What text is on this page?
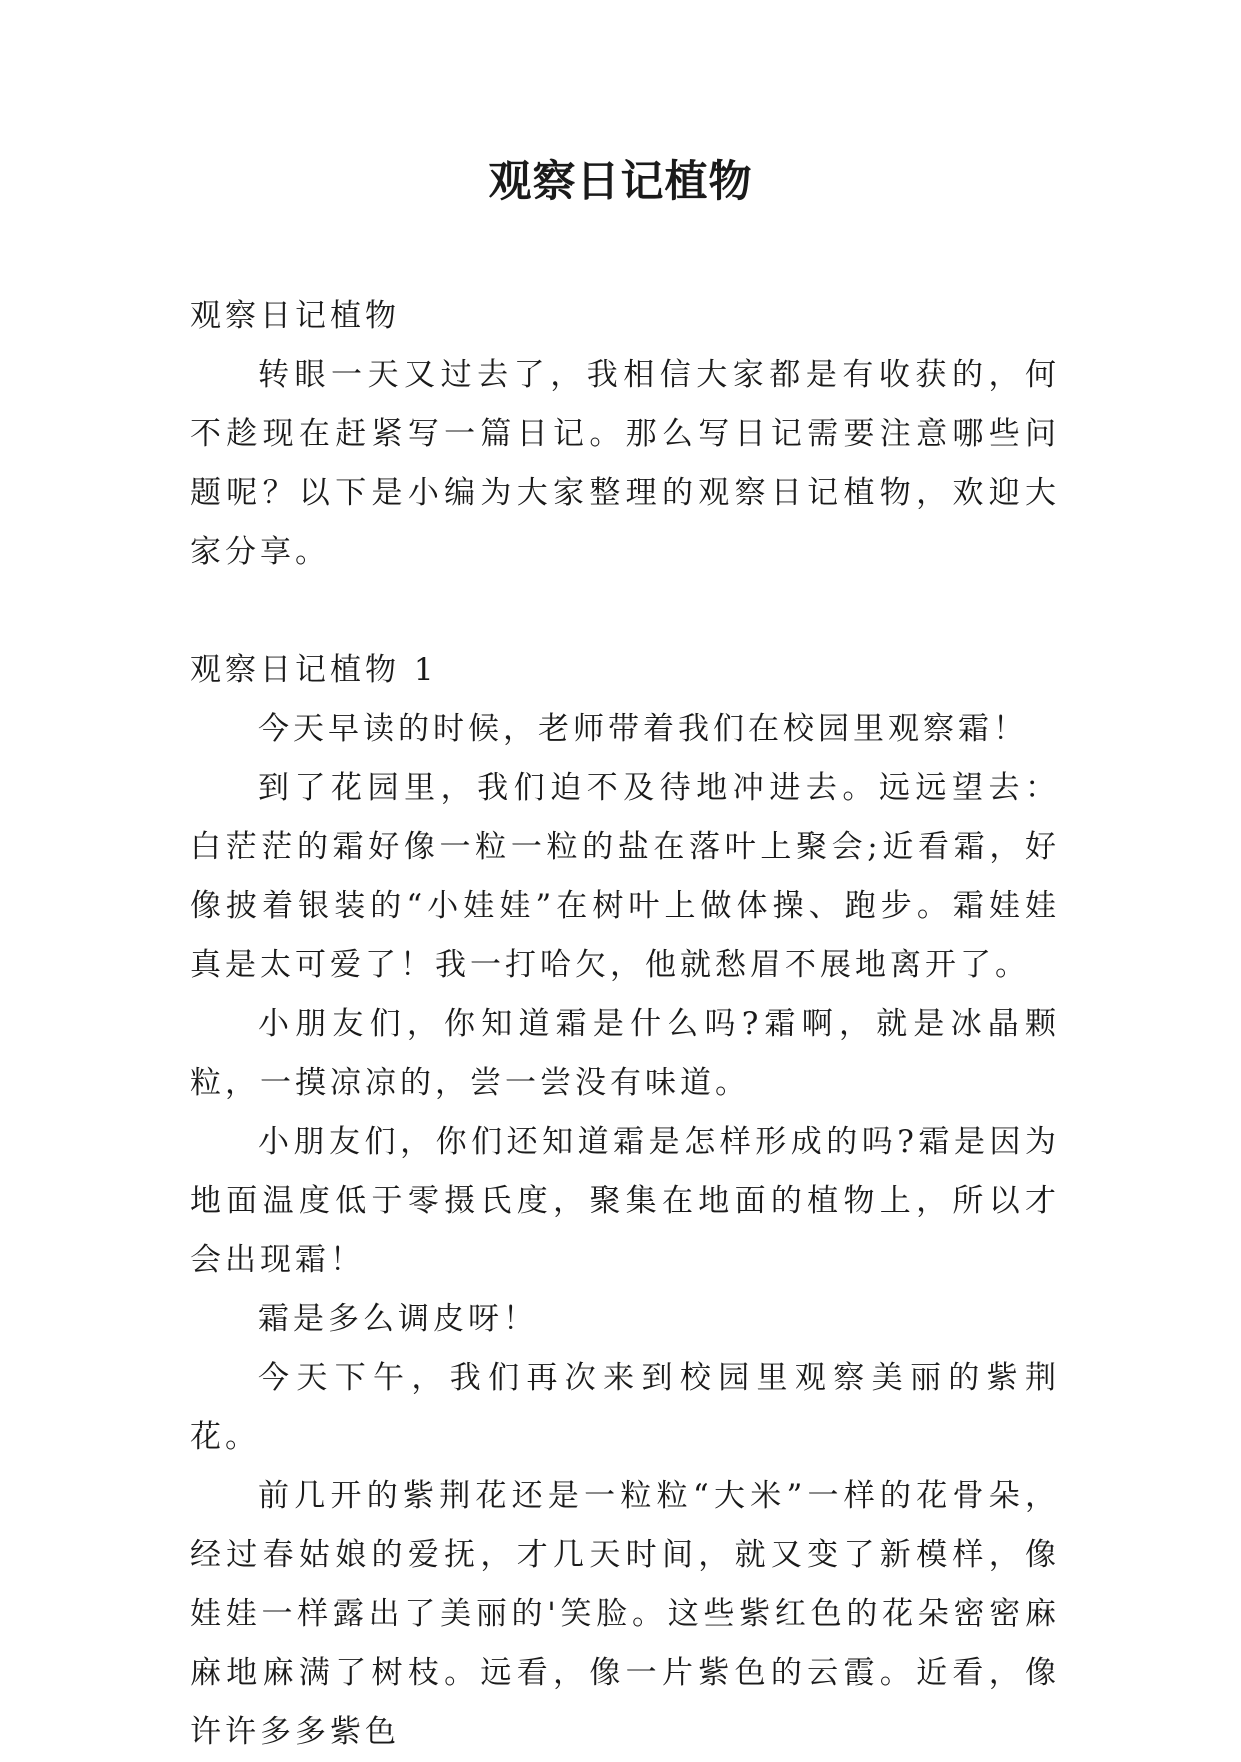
观察日记植物

观察日记植物

转眼一天又过去了，我相信大家都是有收获的，何不趁现在赶紧写一篇日记。那么写日记需要注意哪些问题呢？以下是小编为大家整理的观察日记植物，欢迎大家分享。

观察日记植物 1

今天早读的时候，老师带着我们在校园里观察霜！

到了花园里，我们迫不及待地冲进去。远远望去：白茫茫的霜好像一粒一粒的盐在落叶上聚会;近看霜，好像披着银装的“小娃娃”在树叶上做体操、跑步。霜娃娃真是太可爱了！我一打哈欠，他就愁眉不展地离开了。

小朋友们，你知道霜是什么吗?霜啊，就是冰晶颗粒，一摸凉凉的，尝一尝没有味道。

小朋友们，你们还知道霜是怎样形成的吗?霜是因为地面温度低于零摄氏度，聚集在地面的植物上，所以才会出现霜！

霜是多么调皮呀！

今天下午，我们再次来到校园里观察美丽的紫荆花。

前几开的紫荆花还是一粒粒“大米”一样的花骨朵，经过春姑娘的爱抚，才几天时间，就又变了新模样，像娃娃一样露出了美丽的'笑脸。这些紫红色的花朵密密麻麻地麻满了树枝。远看，像一片紫色的云霞。近看，像许许多多紫色
